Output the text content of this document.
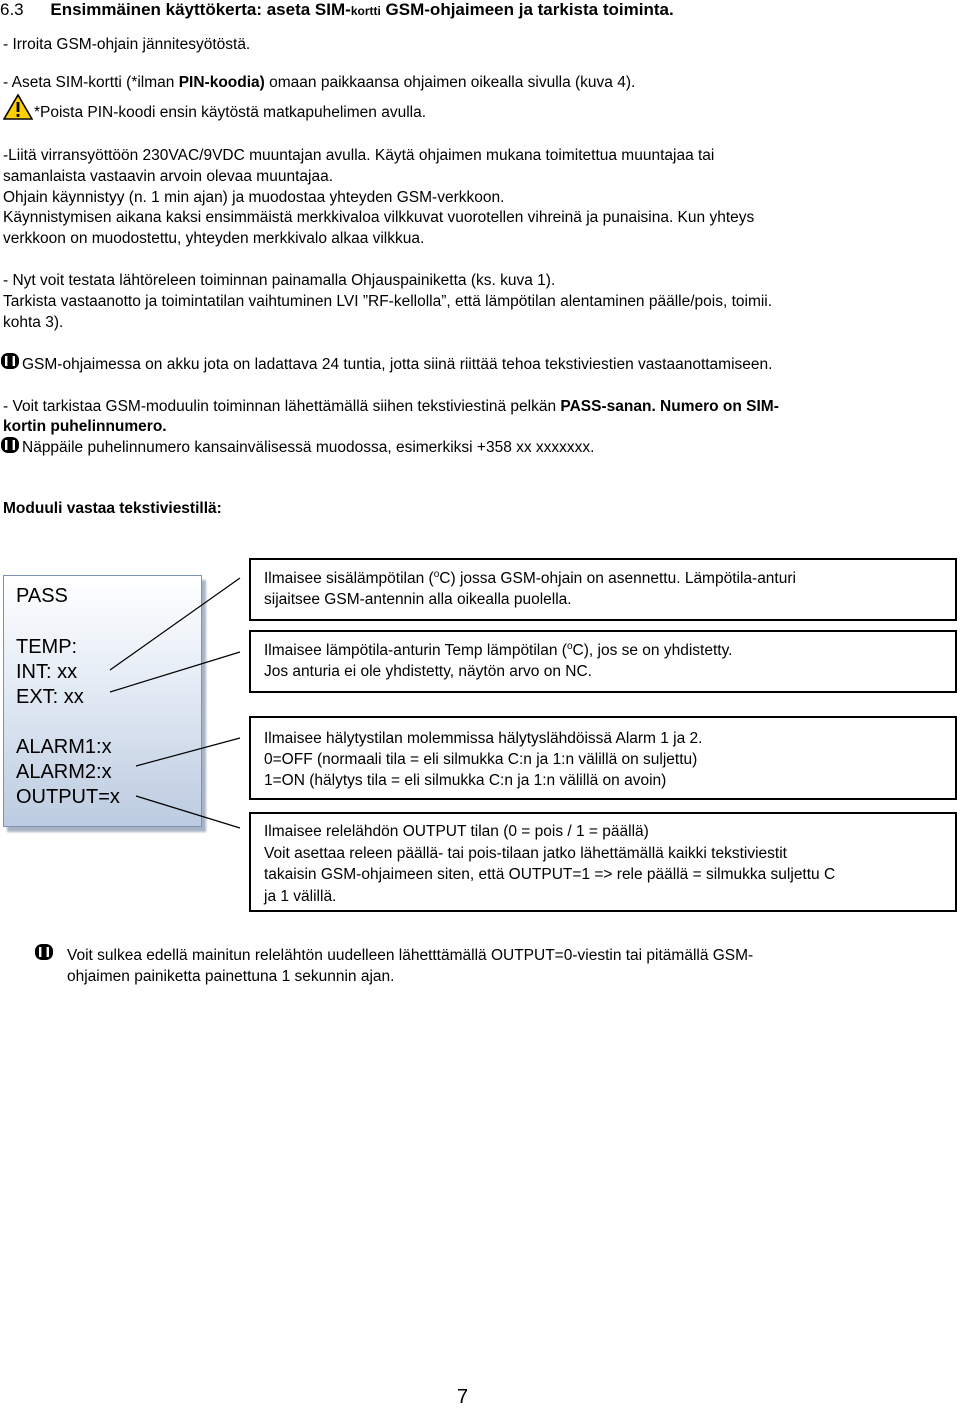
6.3 Ensimmäinen käyttökerta: aseta SIM-kortti GSM-ohjaimeen ja tarkista toiminta.
- Irroita GSM-ohjain jännitesyötöstä.
- Aseta SIM-kortti (*ilman PIN-koodia) omaan paikkaansa ohjaimen oikealla sivulla (kuva 4).
*Poista PIN-koodi ensin käytöstä matkapuhelimen avulla.
-Liitä virransyöttöön 230VAC/9VDC muuntajan avulla. Käytä ohjaimen mukana toimitettua muuntajaa tai
samanlaista vastaavin arvoin olevaa muuntajaa.
Ohjain käynnistyy (n. 1 min ajan) ja muodostaa yhteyden GSM-verkkoon.
Käynnistymisen aikana kaksi ensimmäistä merkkivaloa vilkkuvat vuorotellen vihreinä ja punaisina. Kun yhteys
verkkoon on muodostettu, yhteyden merkkivalo alkaa vilkkua.
- Nyt voit testata lähtöreleen toiminnan painamalla Ohjauspainiketta (ks. kuva 1).
Tarkista vastaanotto ja toimintatilan vaihtuminen LVI ”RF-kellolla”, että lämpötilan alentaminen päälle/pois, toimii.
kohta 3).
GSM-ohjaimessa on akku jota on ladattava 24 tuntia, jotta siinä riittää tehoa tekstiviestien vastaanottamiseen.
- Voit tarkistaa GSM-moduulin toiminnan lähettämällä siihen tekstiviestinä pelkän PASS-sanan. Numero on SIM-
kortin puhelinnumero.
Näppäile puhelinnumero kansainvälisessä muodossa, esimerkiksi +358 xx xxxxxxx.
Moduuli vastaa tekstiviestillä:
PASS
TEMP:
INT: xx
EXT: xx
ALARM1:x
ALARM2:x
OUTPUT=x
Ilmaisee sisälämpötilan ($^o$C) jossa GSM-ohjain on asennettu. Lämpötila-anturi
sijaitsee GSM-antennin alla oikealla puolella.
Ilmaisee lämpötila-anturin Temp lämpötilan ($^o$C), jos se on yhdistetty.
Jos anturia ei ole yhdistetty, näytön arvo on NC.
Ilmaisee hälytystilan molemmissa hälytyslähdöissä Alarm 1 ja 2.
0=OFF (normaali tila = eli silmukka C:n ja 1:n välillä on suljettu)
1=ON (hälytys tila = eli silmukka C:n ja 1:n välillä on avoin)
Ilmaisee relelähdön OUTPUT tilan (0 = pois / 1 = päällä)
Voit asettaa releen päällä- tai pois-tilaan jatko lähettämällä kaikki tekstiviestit
takaisin GSM-ohjaimeen siten, että OUTPUT=1 => rele päällä = silmukka suljettu C
ja 1 välillä.
Voit sulkea edellä mainitun relelähtön uudelleen lähetttämällä OUTPUT=0-viestin tai pitämällä GSM-
ohjaimen painiketta painettuna 1 sekunnin ajan.
7
